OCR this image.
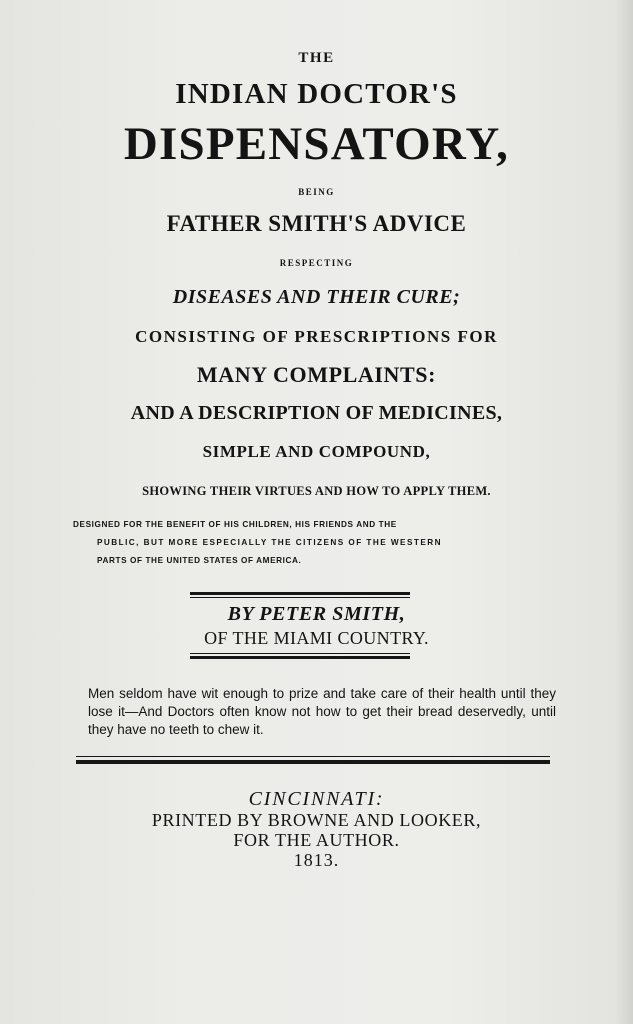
THE
INDIAN DOCTOR'S
DISPENSATORY,
BEING
FATHER SMITH'S ADVICE
RESPECTING
DISEASES AND THEIR CURE;
CONSISTING OF PRESCRIPTIONS FOR
MANY COMPLAINTS:
AND A DESCRIPTION OF MEDICINES,
SIMPLE AND COMPOUND,
SHOWING THEIR VIRTUES AND HOW TO APPLY THEM.
DESIGNED FOR THE BENEFIT OF HIS CHILDREN, HIS FRIENDS AND THE
PUBLIC, BUT MORE ESPECIALLY THE CITIZENS OF THE WESTERN
PARTS OF THE UNITED STATES OF AMERICA.
BY PETER SMITH,
OF THE MIAMI COUNTRY.
Men seldom have wit enough to prize and take care of their health until they lose it—And Doctors often know not how to get their bread deservedly, until they have no teeth to chew it.
CINCINNATI:
PRINTED BY BROWNE AND LOOKER,
FOR THE AUTHOR.
1813.
